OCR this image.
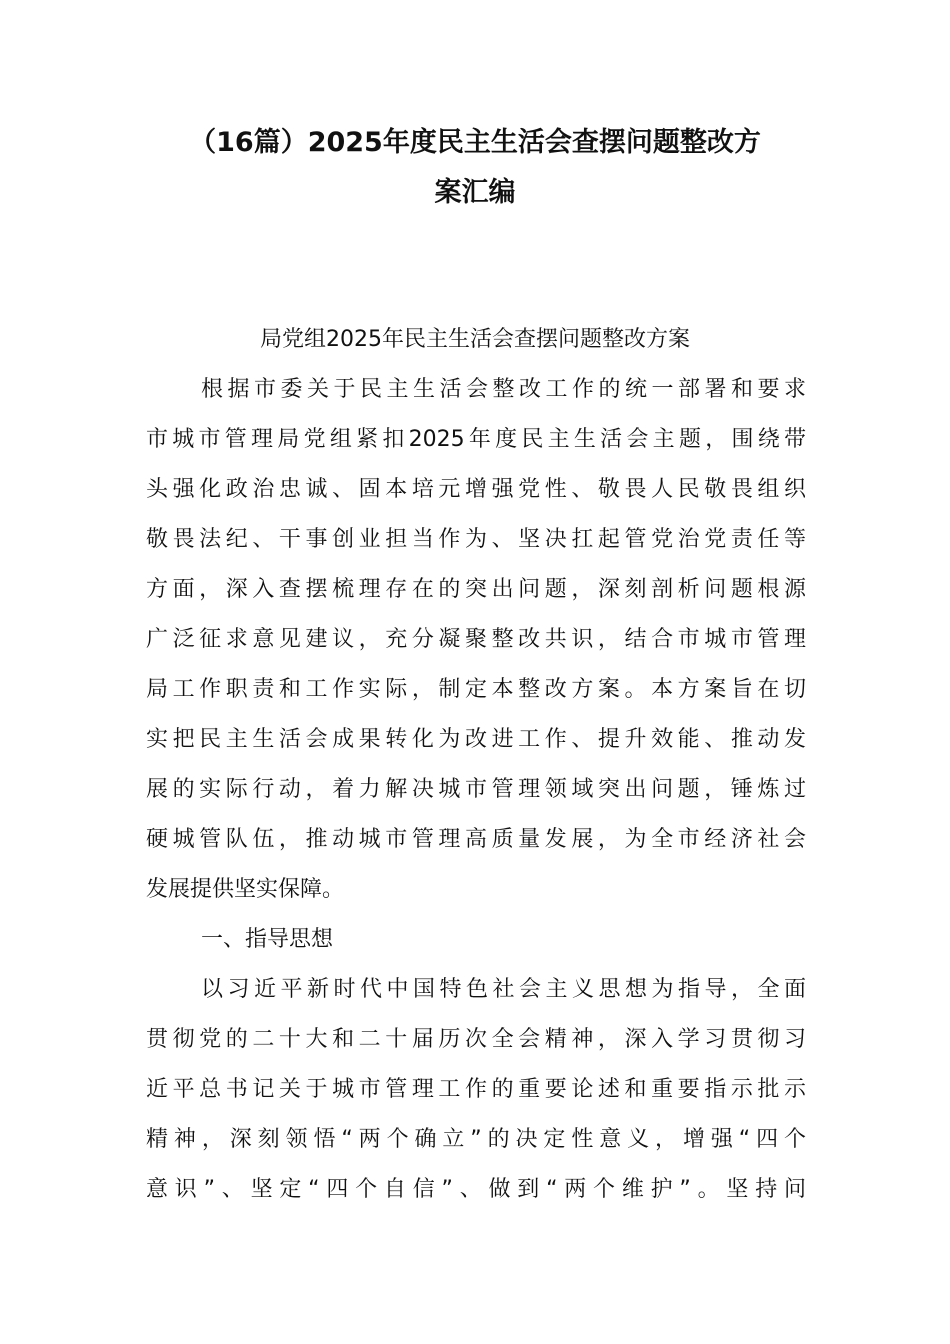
（16篇）2025年度民主生活会查摆问题整改方
案汇编
局党组2025年民主生活会查摆问题整改方案
根据市委关于民主生活会整改工作的统一部署和要求
市城市管理局党组紧扣2025年度民主生活会主题，围绕带
头强化政治忠诚、固本培元增强党性、敬畏人民敬畏组织
敬畏法纪、干事创业担当作为、坚决扛起管党治党责任等
方面，深入查摆梳理存在的突出问题，深刻剖析问题根源
广泛征求意见建议，充分凝聚整改共识，结合市城市管理
局工作职责和工作实际，制定本整改方案。本方案旨在切
实把民主生活会成果转化为改进工作、提升效能、推动发
展的实际行动，着力解决城市管理领域突出问题，锤炼过
硬城管队伍，推动城市管理高质量发展，为全市经济社会
发展提供坚实保障。
一、指导思想
以习近平新时代中国特色社会主义思想为指导，全面
贯彻党的二十大和二十届历次全会精神，深入学习贯彻习
近平总书记关于城市管理工作的重要论述和重要指示批示
精神，深刻领悟“两个确立”的决定性意义，增强“四个
意识”、坚定“四个自信”、做到“两个维护”。坚持问
